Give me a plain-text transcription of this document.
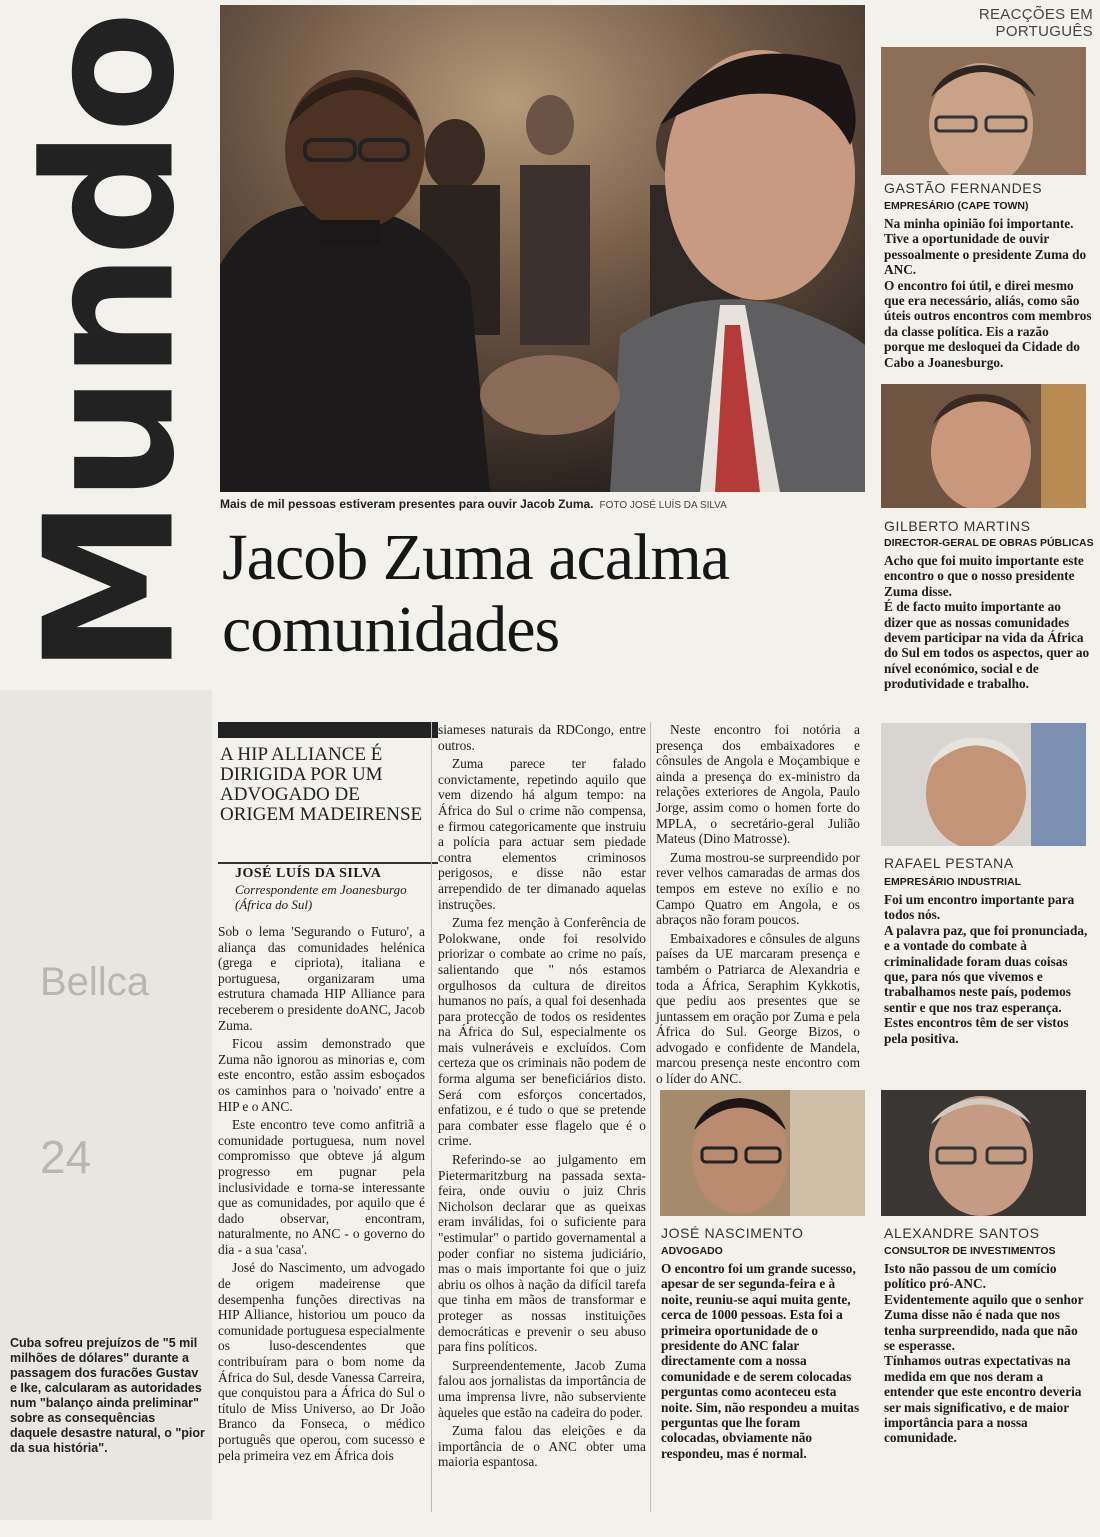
Bellca
24
Mundo
Cuba sofreu prejuízos de "5 mil milhões de dólares" durante a passagem dos furacões Gustav e Ike, calcularam as autoridades num "balanço ainda preliminar" sobre as consequências daquele desastre natural, o "pior da sua história".
Mais de mil pessoas estiveram presentes para ouvir Jacob Zuma. FOTO JOSÉ LUÍS DA SILVA
Jacob Zuma acalma comunidades
A HIP ALLIANCE É DIRIGIDA POR UM ADVOGADO DE ORIGEM MADEIRENSE
JOSÉ LUÍS DA SILVA
Correspondente em Joanesburgo (África do Sul)

Sob o lema 'Segurando o Futuro', a aliança das comunidades helénica (grega e cipriota), italiana e portuguesa, organizaram uma estrutura chamada HIP Alliance para receberem o presidente doANC, Jacob Zuma.

Ficou assim demonstrado que Zuma não ignorou as minorias e, com este encontro, estão assim esboçados os caminhos para o 'noivado' entre a HIP e o ANC.

Este encontro teve como anfitriã a comunidade portuguesa, num novel compromisso que obteve já algum progresso em pugnar pela inclusividade e torna-se interessante que as comunidades, por aquilo que é dado observar, encontram, naturalmente, no ANC - o governo do dia - a sua 'casa'.

José do Nascimento, um advogado de origem madeirense que desempenha funções directivas na HIP Alliance, historiou um pouco da comunidade portuguesa especialmente os luso-descendentes que contribuíram para o bom nome da África do Sul, desde Vanessa Carreira, que conquistou para a África do Sul o título de Miss Universo, ao Dr João Branco da Fonseca, o médico português que operou, com sucesso e pela primeira vez em África dois

siameses naturais da RDCongo, entre outros.

Zuma parece ter falado convictamente, repetindo aquilo que vem dizendo há algum tempo: na África do Sul o crime não compensa, e firmou categoricamente que instruiu a polícia para actuar sem piedade contra elementos criminosos perigosos, e disse não estar arrependido de ter dimanado aquelas instruções.

Zuma fez menção à Conferência de Polokwane, onde foi resolvido priorizar o combate ao crime no país, salientando que " nós estamos orgulhosos da cultura de direitos humanos no país, a qual foi desenhada para protecção de todos os residentes na África do Sul, especialmente os mais vulneráveis e excluídos. Com certeza que os criminais não podem de forma alguma ser beneficiários disto. Será com esforços concertados, enfatizou, e é tudo o que se pretende para combater esse flagelo que é o crime.

Referindo-se ao julgamento em Pietermaritzburg na passada sexta-feira, onde ouviu o juiz Chris Nicholson declarar que as queixas eram inválidas, foi o suficiente para "estimular" o partido governamental a poder confiar no sistema judiciário, mas o mais importante foi que o juiz abriu os olhos à nação da difícil tarefa que tinha em mãos de transformar e proteger as nossas instituições democráticas e prevenir o seu abuso para fins políticos.

Surpreendentemente, Jacob Zuma falou aos jornalistas da importância de uma imprensa livre, não subserviente àqueles que estão na cadeira do poder.

Zuma falou das eleições e da importância de o ANC obter uma maioria espantosa.

Neste encontro foi notória a presença dos embaixadores e cônsules de Angola e Moçambique e ainda a presença do ex-ministro da relações exteriores de Angola, Paulo Jorge, assim como o homen forte do MPLA, o secretário-geral Julião Mateus (Dino Matrosse).

Zuma mostrou-se surpreendido por rever velhos camaradas de armas dos tempos em esteve no exílio e no Campo Quatro em Angola, e os abraços não foram poucos.

Embaixadores e cônsules de alguns países da UE marcaram presença e também o Patriarca de Alexandria e toda a África, Seraphim Kykkotis, que pediu aos presentes que se juntassem em oração por Zuma e pela África do Sul. George Bizos, o advogado e confidente de Mandela, marcou presença neste encontro com o líder do ANC.

REACÇÕES EM PORTUGUÊS
GASTÃO FERNANDES
EMPRESÁRIO (CAPE TOWN)

Na minha opinião foi importante. Tive a oportunidade de ouvir pessoalmente o presidente Zuma do ANC.

O encontro foi útil, e direi mesmo que era necessário, aliás, como são úteis outros encontros com membros da classe política. Eis a razão porque me desloquei da Cidade do Cabo a Joanesburgo.

GILBERTO MARTINS
DIRECTOR-GERAL DE OBRAS PÚBLICAS

Acho que foi muito importante este encontro o que o nosso presidente Zuma disse.

É de facto muito importante ao dizer que as nossas comunidades devem participar na vida da África do Sul em todos os aspectos, quer ao nível económico, social e de produtividade e trabalho.

RAFAEL PESTANA
EMPRESÁRIO INDUSTRIAL

Foi um encontro importante para todos nós.

A palavra paz, que foi pronunciada, e a vontade do combate à criminalidade foram duas coisas que, para nós que vivemos e trabalhamos neste país, podemos sentir e que nos traz esperança.

Estes encontros têm de ser vistos pela positiva.

JOSÉ NASCIMENTO
ADVOGADO

O encontro foi um grande sucesso, apesar de ser segunda-feira e à noite, reuniu-se aqui muita gente, cerca de 1000 pessoas. Esta foi a primeira oportunidade de o presidente do ANC falar directamente com a nossa comunidade e de serem colocadas perguntas como aconteceu esta noite. Sim, não respondeu a muitas perguntas que lhe foram colocadas, obviamente não respondeu, mas é normal.

ALEXANDRE SANTOS
CONSULTOR DE INVESTIMENTOS

Isto não passou de um comício político pró-ANC.

Evidentemente aquilo que o senhor Zuma disse não é nada que nos tenha surpreendido, nada que não se esperasse.

Tínhamos outras expectativas na medida em que nos deram a entender que este encontro deveria ser mais significativo, e de maior importância para a nossa comunidade.
